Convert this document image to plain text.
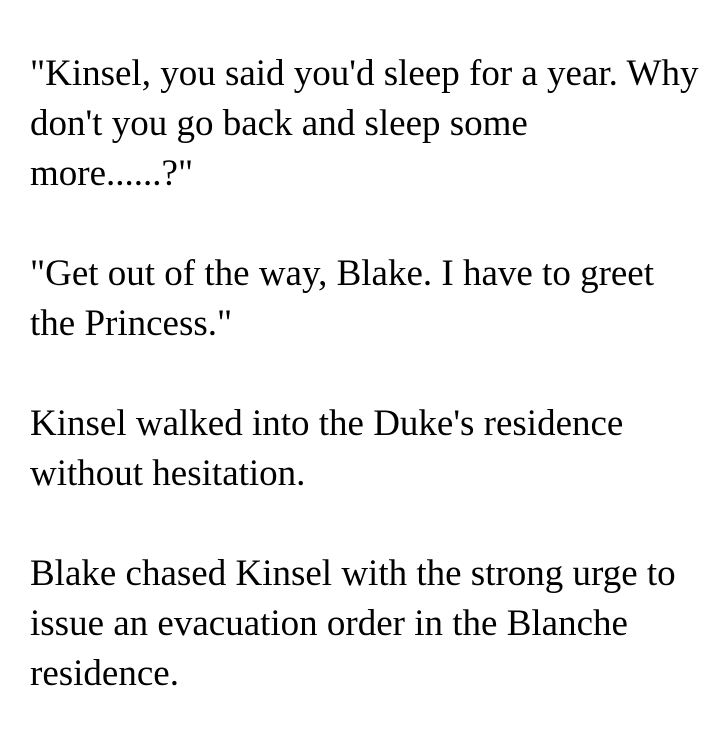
"Kinsel, you said you'd sleep for a year. Why
don't you go back and sleep some
more......?"

"Get out of the way, Blake. I have to greet
the Princess."

Kinsel walked into the Duke's residence
without hesitation.

Blake chased Kinsel with the strong urge to
issue an evacuation order in the Blanche
residence.
